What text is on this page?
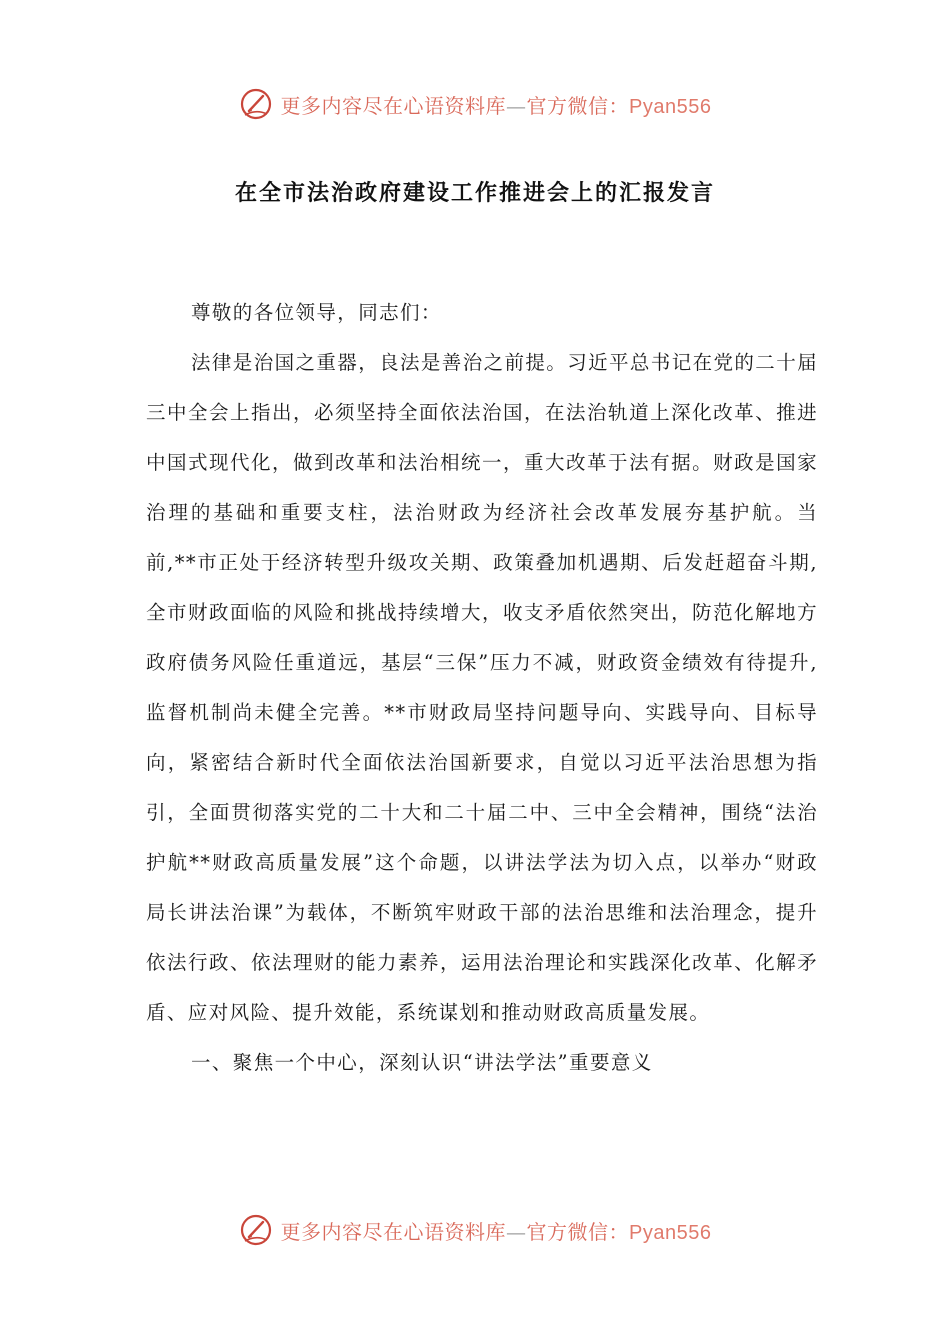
更多内容尽在心语资料库—官方微信：Pyan556
在全市法治政府建设工作推进会上的汇报发言

尊敬的各位领导，同志们：

法律是治国之重器，良法是善治之前提。习近平总书记在党的二十届三中全会上指出，必须坚持全面依法治国，在法治轨道上深化改革、推进中国式现代化，做到改革和法治相统一，重大改革于法有据。财政是国家治理的基础和重要支柱，法治财政为经济社会改革发展夯基护航。当前,**市正处于经济转型升级攻关期、政策叠加机遇期、后发赶超奋斗期,全市财政面临的风险和挑战持续增大，收支矛盾依然突出，防范化解地方政府债务风险任重道远，基层“三保”压力不减，财政资金绩效有待提升,监督机制尚未健全完善。**市财政局坚持问题导向、实践导向、目标导向，紧密结合新时代全面依法治国新要求，自觉以习近平法治思想为指引，全面贯彻落实党的二十大和二十届二中、三中全会精神，围绕“法治护航**财政高质量发展”这个命题，以讲法学法为切入点，以举办“财政局长讲法治课”为载体，不断筑牢财政干部的法治思维和法治理念，提升依法行政、依法理财的能力素养，运用法治理论和实践深化改革、化解矛盾、应对风险、提升效能，系统谋划和推动财政高质量发展。

一、聚焦一个中心，深刻认识“讲法学法”重要意义

更多内容尽在心语资料库—官方微信：Pyan556
